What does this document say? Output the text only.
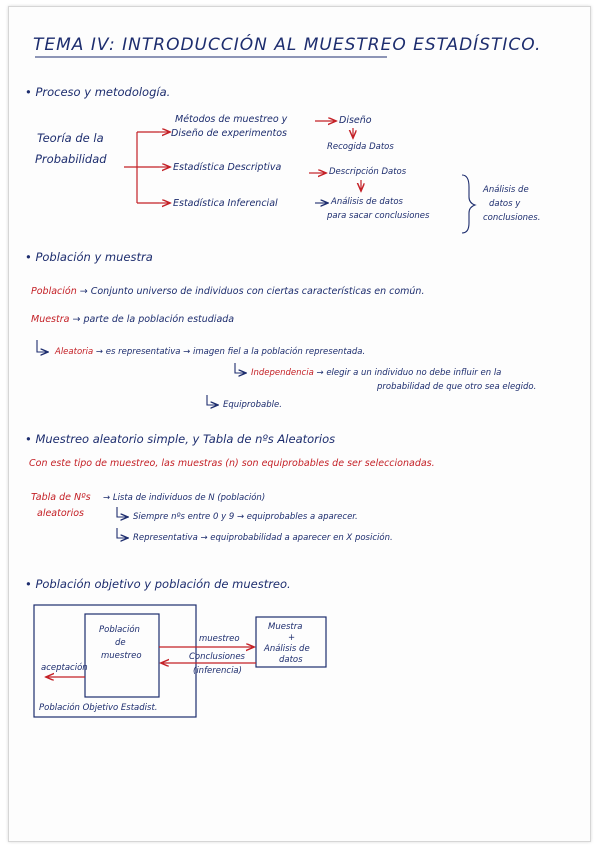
TEMA IV: INTRODUCCIÓN AL MUESTREO ESTADÍSTICO.
• Proceso y metodología.
Teoría de la
Probabilidad
Métodos de muestreo y
Diseño de experimentos
Diseño
Recogida Datos
Estadística Descriptiva	Descripción Datos
Estadística Inferencial	Análisis de datos
para sacar conclusiones
Análisis de
datos y
conclusiones.
• Población y muestra
Población → Conjunto universo de individuos con ciertas características en común.
Muestra → parte de la población estudiada
Aleatoria → es representativa → imagen fiel a la población representada.
Independencia → elegir a un individuo no debe influir en la
probabilidad de que otro sea elegido.
Equiprobable.
• Muestreo aleatorio simple, y Tabla de nºs Aleatorios
Con este tipo de muestreo, las muestras (n) son equiprobables de ser seleccionadas.
Tabla de Nºs
aleatorios
→ Lista de individuos de N (población)
Siempre nºs entre 0 y 9 → equiprobables a aparecer.
Representativa → equiprobabilidad a aparecer en X posición.
• Población objetivo y población de muestreo.
Población
de
muestreo
Muestra
+
Análisis de
datos
muestreo
Conclusiones
(inferencia)
aceptación
Población Objetivo Estadist.
